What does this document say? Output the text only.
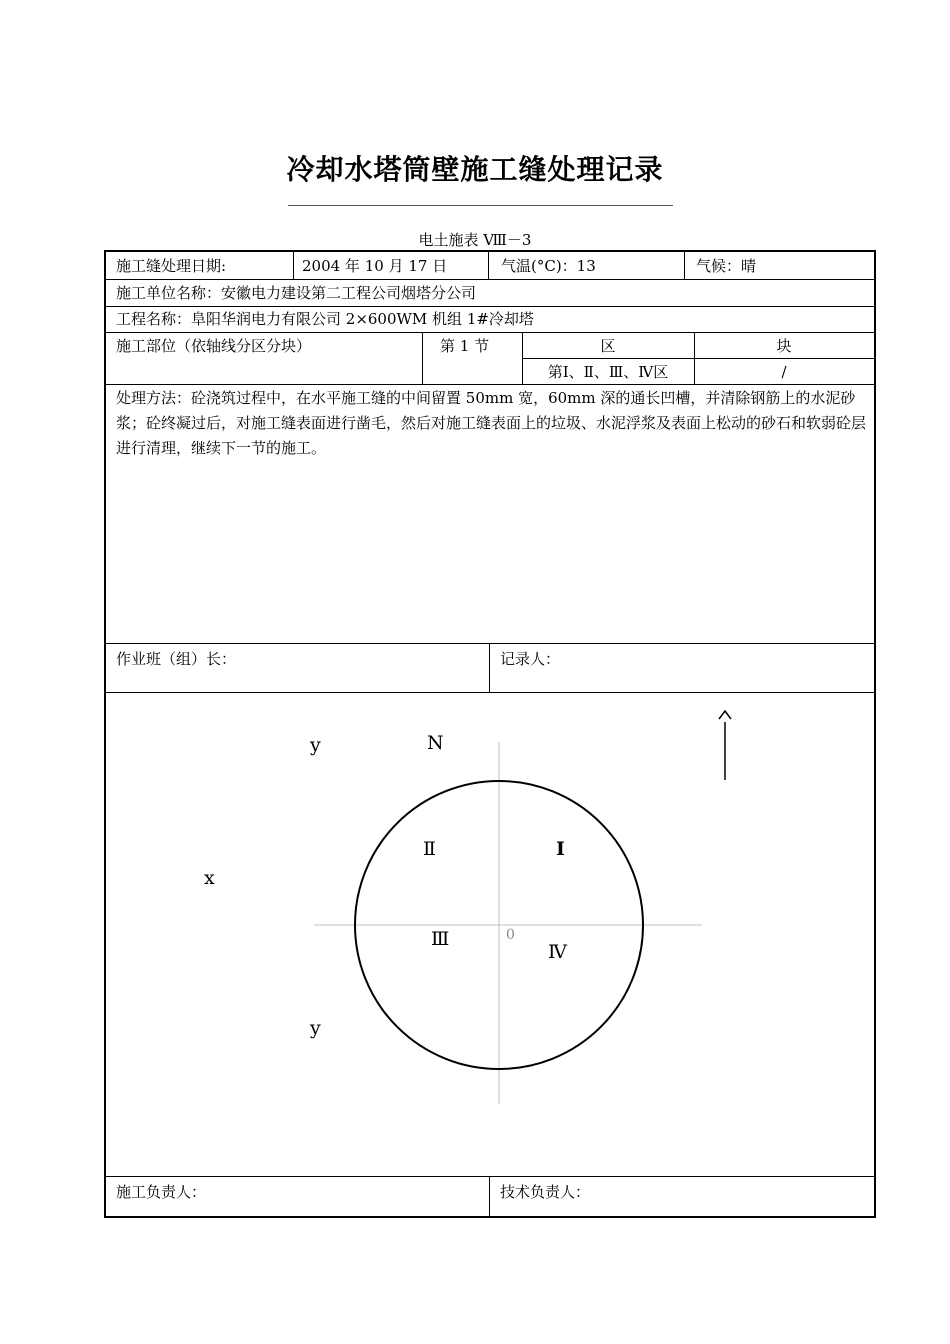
冷却水塔筒壁施工缝处理记录
电土施表 Ⅷ－3
施工缝处理日期:	2004 年 10 月 17 日	气温(°C)：13	气候：晴
施工单位名称：安徽电力建设第二工程公司烟塔分公司
工程名称：阜阳华润电力有限公司 2×600WM 机组 1#冷却塔
施工部位（依轴线分区分块）	第 1 节	区	块
第Ⅰ、Ⅱ、Ⅲ、Ⅳ区	/
处理方法：砼浇筑过程中，在水平施工缝的中间留置 50mm 宽，60mm 深的通长凹槽，并清除钢筋上的水泥砂浆；砼终凝过后，对施工缝表面进行凿毛，然后对施工缝表面上的垃圾、水泥浮浆及表面上松动的砂石和软弱砼层进行清理，继续下一节的施工。
作业班（组）长：	记录人：
施工负责人：	技术负责人：
y	N
x
Ⅰ
Ⅱ
Ⅲ
Ⅳ
0
y
